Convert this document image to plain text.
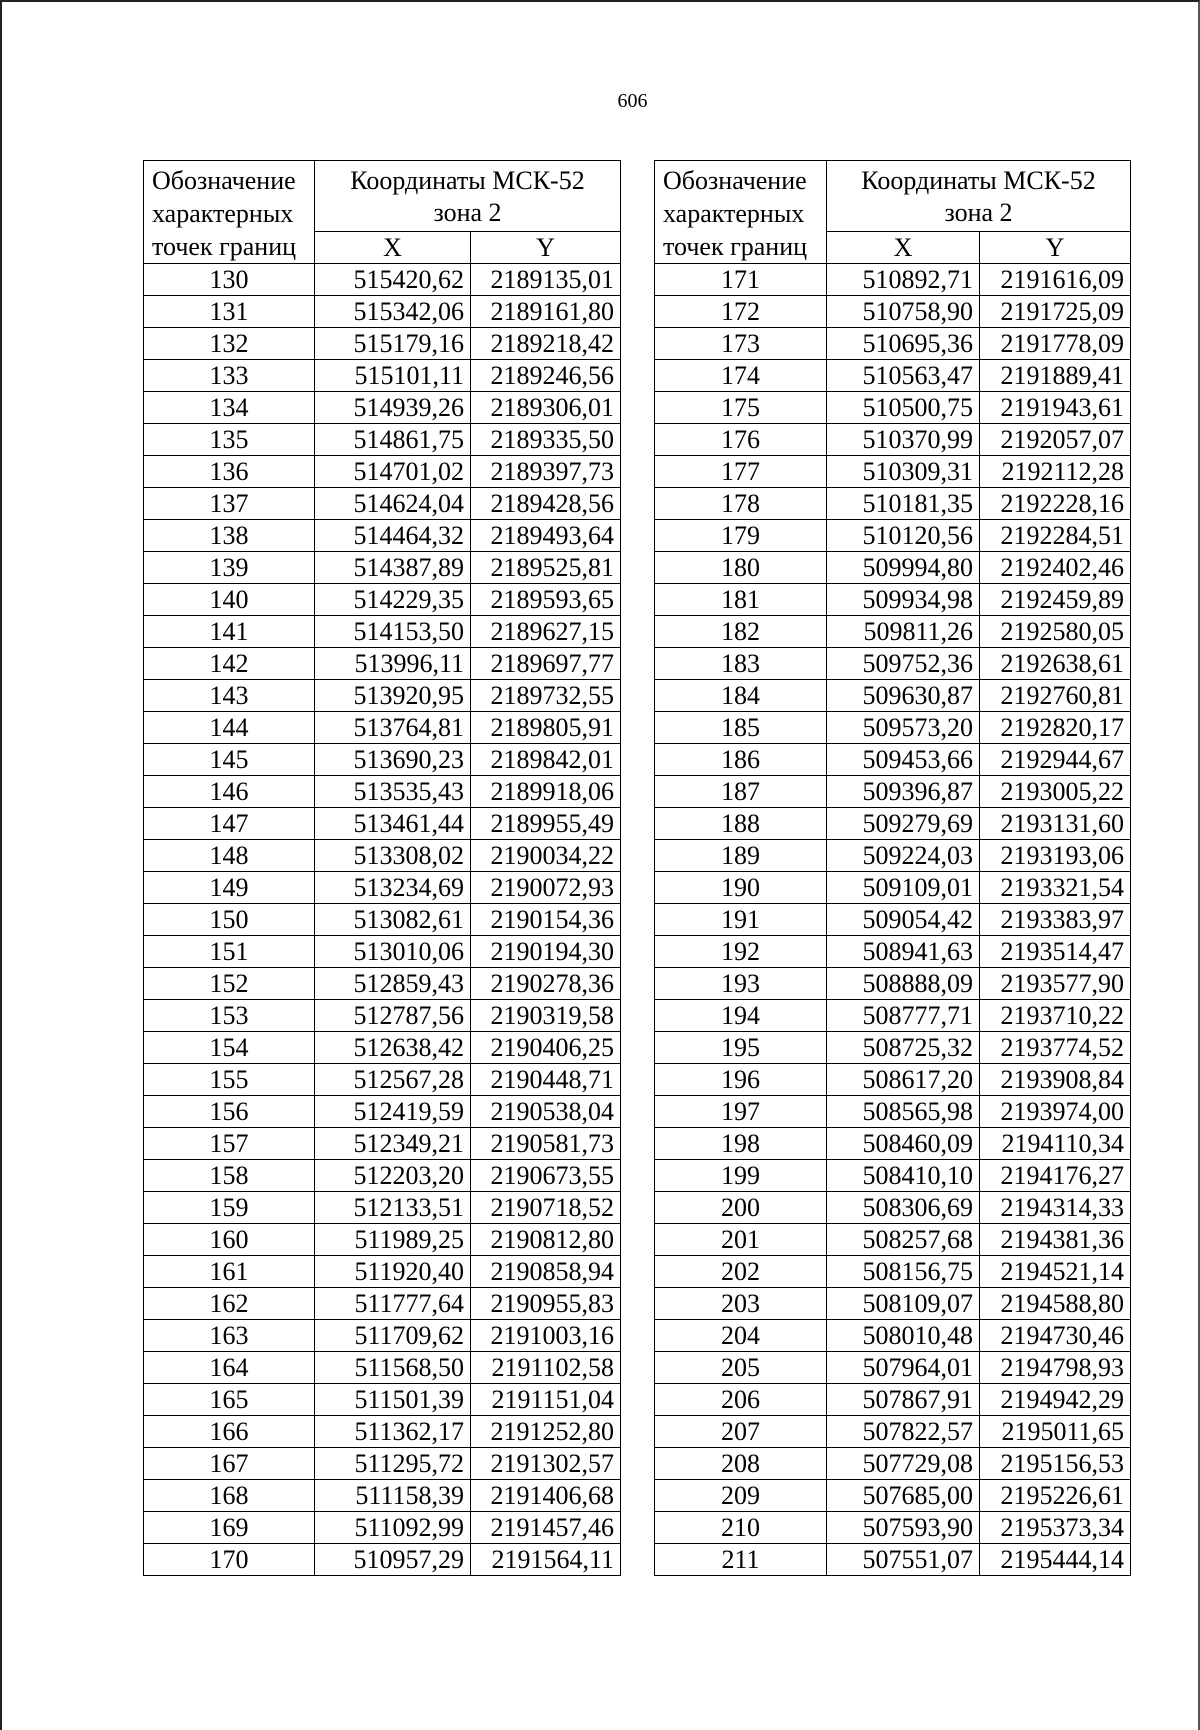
606
Обозначение
характерных
точек границ	Координаты МСК-52
зона 2	
	X	Y
130	515420,62	2189135,01
131	515342,06	2189161,80
132	515179,16	2189218,42
133	515101,11	2189246,56
134	514939,26	2189306,01
135	514861,75	2189335,50
136	514701,02	2189397,73
137	514624,04	2189428,56
138	514464,32	2189493,64
139	514387,89	2189525,81
140	514229,35	2189593,65
141	514153,50	2189627,15
142	513996,11	2189697,77
143	513920,95	2189732,55
144	513764,81	2189805,91
145	513690,23	2189842,01
146	513535,43	2189918,06
147	513461,44	2189955,49
148	513308,02	2190034,22
149	513234,69	2190072,93
150	513082,61	2190154,36
151	513010,06	2190194,30
152	512859,43	2190278,36
153	512787,56	2190319,58
154	512638,42	2190406,25
155	512567,28	2190448,71
156	512419,59	2190538,04
157	512349,21	2190581,73
158	512203,20	2190673,55
159	512133,51	2190718,52
160	511989,25	2190812,80
161	511920,40	2190858,94
162	511777,64	2190955,83
163	511709,62	2191003,16
164	511568,50	2191102,58
165	511501,39	2191151,04
166	511362,17	2191252,80
167	511295,72	2191302,57
168	511158,39	2191406,68
169	511092,99	2191457,46
170	510957,29	2191564,11
Обозначение
характерных
точек границ	Координаты МСК-52
зона 2	
	X	Y
171	510892,71	2191616,09
172	510758,90	2191725,09
173	510695,36	2191778,09
174	510563,47	2191889,41
175	510500,75	2191943,61
176	510370,99	2192057,07
177	510309,31	2192112,28
178	510181,35	2192228,16
179	510120,56	2192284,51
180	509994,80	2192402,46
181	509934,98	2192459,89
182	509811,26	2192580,05
183	509752,36	2192638,61
184	509630,87	2192760,81
185	509573,20	2192820,17
186	509453,66	2192944,67
187	509396,87	2193005,22
188	509279,69	2193131,60
189	509224,03	2193193,06
190	509109,01	2193321,54
191	509054,42	2193383,97
192	508941,63	2193514,47
193	508888,09	2193577,90
194	508777,71	2193710,22
195	508725,32	2193774,52
196	508617,20	2193908,84
197	508565,98	2193974,00
198	508460,09	2194110,34
199	508410,10	2194176,27
200	508306,69	2194314,33
201	508257,68	2194381,36
202	508156,75	2194521,14
203	508109,07	2194588,80
204	508010,48	2194730,46
205	507964,01	2194798,93
206	507867,91	2194942,29
207	507822,57	2195011,65
208	507729,08	2195156,53
209	507685,00	2195226,61
210	507593,90	2195373,34
211	507551,07	2195444,14
